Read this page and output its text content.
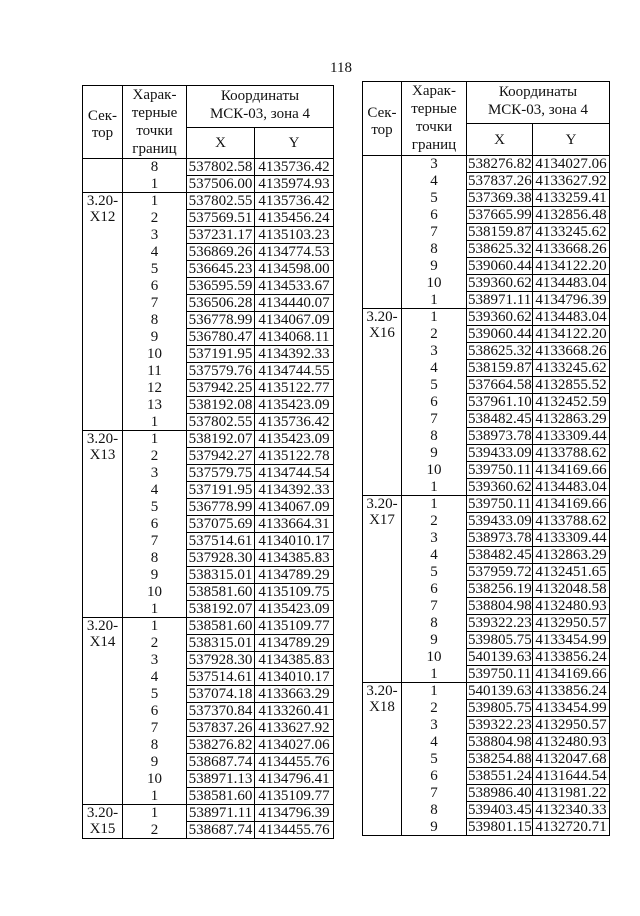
118
Сек-
тор	Харак-
терные
точки
границ	Координаты
МСК-03, зона 4	

		X	Y
	8	537802.58	4135736.42
	1	537506.00	4135974.93

3.20-
Х12	1	537802.55	4135736.42
	2	537569.51	4135456.24
	3	537231.17	4135103.23
	4	536869.26	4134774.53
	5	536645.23	4134598.00
	6	536595.59	4134533.67
	7	536506.28	4134440.07
	8	536778.99	4134067.09
	9	536780.47	4134068.11
	10	537191.95	4134392.33
	11	537579.76	4134744.55
	12	537942.25	4135122.77
	13	538192.08	4135423.09
	1	537802.55	4135736.42

3.20-
Х13	1	538192.07	4135423.09
	2	537942.27	4135122.78
	3	537579.75	4134744.54
	4	537191.95	4134392.33
	5	536778.99	4134067.09
	6	537075.69	4133664.31
	7	537514.61	4134010.17
	8	537928.30	4134385.83
	9	538315.01	4134789.29
	10	538581.60	4135109.75
	1	538192.07	4135423.09

3.20-
Х14	1	538581.60	4135109.77
	2	538315.01	4134789.29
	3	537928.30	4134385.83
	4	537514.61	4134010.17
	5	537074.18	4133663.29
	6	537370.84	4133260.41
	7	537837.26	4133627.92
	8	538276.82	4134027.06
	9	538687.74	4134455.76
	10	538971.13	4134796.41
	1	538581.60	4135109.77

3.20-
Х15	1	538971.11	4134796.39
	2	538687.74	4134455.76
Сек-
тор	Харак-
терные
точки
границ	Координаты
МСК-03, зона 4	

		X	Y
	3	538276.82	4134027.06
	4	537837.26	4133627.92
	5	537369.38	4133259.41
	6	537665.99	4132856.48
	7	538159.87	4133245.62
	8	538625.32	4133668.26
	9	539060.44	4134122.20
	10	539360.62	4134483.04
	1	538971.11	4134796.39

3.20-
Х16	1	539360.62	4134483.04
	2	539060.44	4134122.20
	3	538625.32	4133668.26
	4	538159.87	4133245.62
	5	537664.58	4132855.52
	6	537961.10	4132452.59
	7	538482.45	4132863.29
	8	538973.78	4133309.44
	9	539433.09	4133788.62
	10	539750.11	4134169.66
	1	539360.62	4134483.04

3.20-
Х17	1	539750.11	4134169.66
	2	539433.09	4133788.62
	3	538973.78	4133309.44
	4	538482.45	4132863.29
	5	537959.72	4132451.65
	6	538256.19	4132048.58
	7	538804.98	4132480.93
	8	539322.23	4132950.57
	9	539805.75	4133454.99
	10	540139.63	4133856.24
	1	539750.11	4134169.66

3.20-
Х18	1	540139.63	4133856.24
	2	539805.75	4133454.99
	3	539322.23	4132950.57
	4	538804.98	4132480.93
	5	538254.88	4132047.68
	6	538551.24	4131644.54
	7	538986.40	4131981.22
	8	539403.45	4132340.33
	9	539801.15	4132720.71
